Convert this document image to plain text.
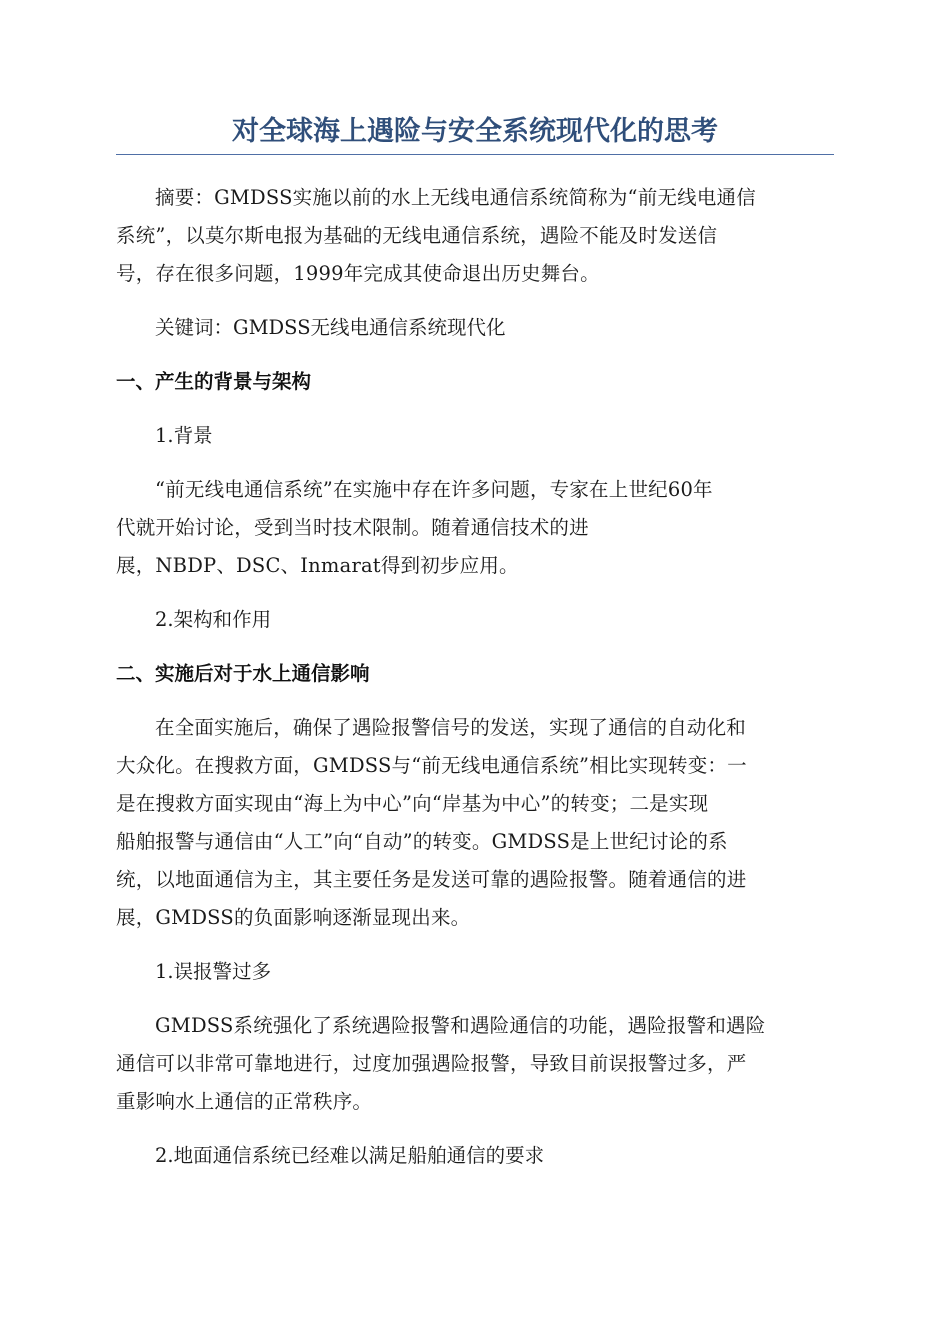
对全球海上遇险与安全系统现代化的思考
摘要：GMDSS实施以前的水上无线电通信系统简称为“前无线电通信
系统”，以莫尔斯电报为基础的无线电通信系统，遇险不能及时发送信
号，存在很多问题，1999年完成其使命退出历史舞台。
关键词：GMDSS无线电通信系统现代化
一、产生的背景与架构
1.背景
“前无线电通信系统”在实施中存在许多问题，专家在上世纪60年
代就开始讨论，受到当时技术限制。随着通信技术的进
展，NBDP、DSC、Inmarat得到初步应用。
2.架构和作用
二、实施后对于水上通信影响
在全面实施后，确保了遇险报警信号的发送，实现了通信的自动化和
大众化。在搜救方面，GMDSS与“前无线电通信系统”相比实现转变：一
是在搜救方面实现由“海上为中心”向“岸基为中心”的转变；二是实现
船舶报警与通信由“人工”向“自动”的转变。GMDSS是上世纪讨论的系
统，以地面通信为主，其主要任务是发送可靠的遇险报警。随着通信的进
展，GMDSS的负面影响逐渐显现出来。
1.误报警过多
GMDSS系统强化了系统遇险报警和遇险通信的功能，遇险报警和遇险
通信可以非常可靠地进行，过度加强遇险报警，导致目前误报警过多，严
重影响水上通信的正常秩序。
2.地面通信系统已经难以满足船舶通信的要求
